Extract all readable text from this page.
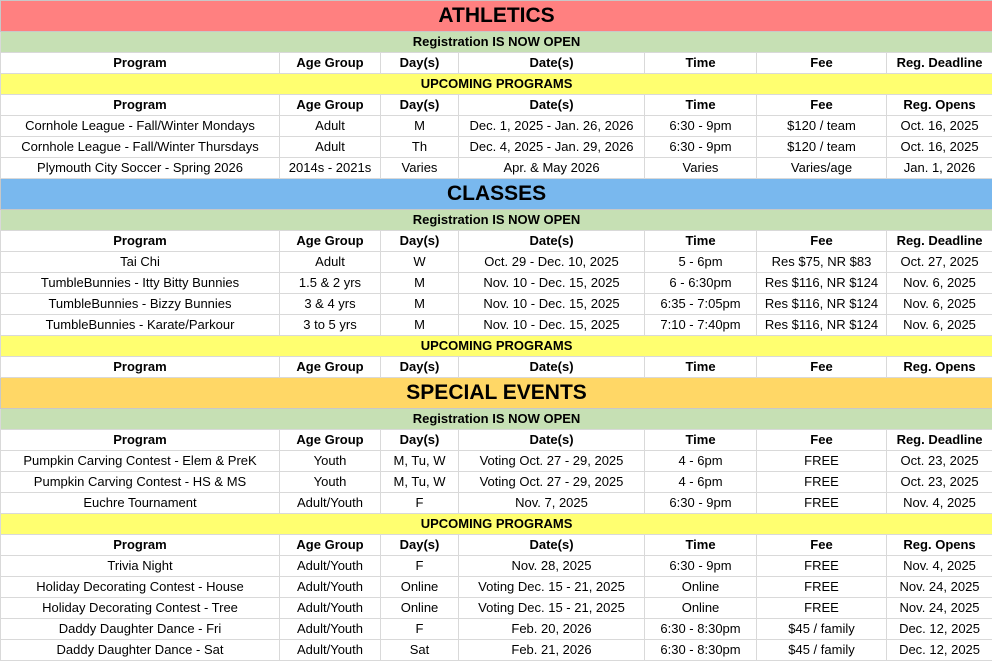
ATHLETICS						
Registration IS NOW OPEN						
Program	Age Group	Day(s)	Date(s)	Time	Fee	Reg. Deadline
UPCOMING PROGRAMS						
Program	Age Group	Day(s)	Date(s)	Time	Fee	Reg. Opens
Cornhole League - Fall/Winter Mondays	Adult	M	Dec. 1, 2025 - Jan. 26, 2026	6:30 - 9pm	$120 / team	Oct. 16, 2025
Cornhole League - Fall/Winter Thursdays	Adult	Th	Dec. 4, 2025 - Jan. 29, 2026	6:30 - 9pm	$120 / team	Oct. 16, 2025
Plymouth City Soccer - Spring 2026	2014s - 2021s	Varies	Apr. & May 2026	Varies	Varies/age	Jan. 1, 2026
CLASSES						
Registration IS NOW OPEN						
Program	Age Group	Day(s)	Date(s)	Time	Fee	Reg. Deadline
Tai Chi	Adult	W	Oct. 29 - Dec. 10, 2025	5 - 6pm	Res $75, NR $83	Oct. 27, 2025
TumbleBunnies - Itty Bitty Bunnies	1.5 & 2 yrs	M	Nov. 10 - Dec. 15, 2025	6 - 6:30pm	Res $116, NR $124	Nov. 6, 2025
TumbleBunnies - Bizzy Bunnies	3 & 4 yrs	M	Nov. 10 - Dec. 15, 2025	6:35 - 7:05pm	Res $116, NR $124	Nov. 6, 2025
TumbleBunnies - Karate/Parkour	3 to 5 yrs	M	Nov. 10 - Dec. 15, 2025	7:10 - 7:40pm	Res $116, NR $124	Nov. 6, 2025
UPCOMING PROGRAMS						
Program	Age Group	Day(s)	Date(s)	Time	Fee	Reg. Opens
SPECIAL EVENTS						
Registration IS NOW OPEN						
Program	Age Group	Day(s)	Date(s)	Time	Fee	Reg. Deadline
Pumpkin Carving Contest - Elem & PreK	Youth	M, Tu, W	Voting Oct. 27 - 29, 2025	4 - 6pm	FREE	Oct. 23, 2025
Pumpkin Carving Contest - HS & MS	Youth	M, Tu, W	Voting Oct. 27 - 29, 2025	4 - 6pm	FREE	Oct. 23, 2025
Euchre Tournament	Adult/Youth	F	Nov. 7, 2025	6:30 - 9pm	FREE	Nov. 4, 2025
UPCOMING PROGRAMS						
Program	Age Group	Day(s)	Date(s)	Time	Fee	Reg. Opens
Trivia Night	Adult/Youth	F	Nov. 28, 2025	6:30 - 9pm	FREE	Nov. 4, 2025
Holiday Decorating Contest - House	Adult/Youth	Online	Voting Dec. 15 - 21, 2025	Online	FREE	Nov. 24, 2025
Holiday Decorating Contest - Tree	Adult/Youth	Online	Voting Dec. 15 - 21, 2025	Online	FREE	Nov. 24, 2025
Daddy Daughter Dance - Fri	Adult/Youth	F	Feb. 20, 2026	6:30 - 8:30pm	$45 / family	Dec. 12, 2025
Daddy Daughter Dance - Sat	Adult/Youth	Sat	Feb. 21, 2026	6:30 - 8:30pm	$45 / family	Dec. 12, 2025
